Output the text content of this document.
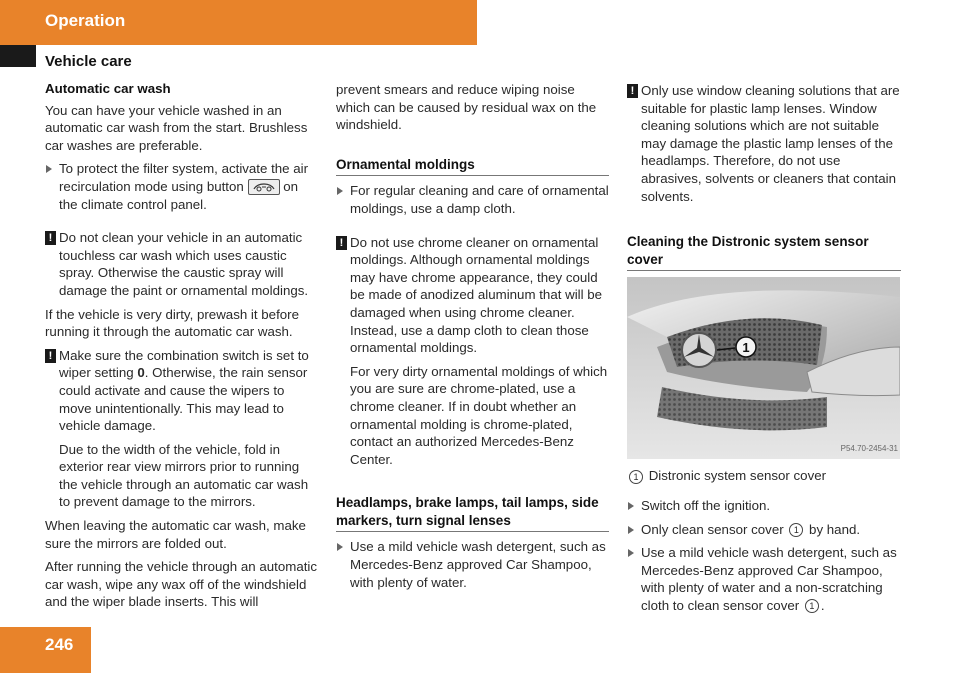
Operation
Vehicle care
Automatic car wash

You can have your vehicle washed in an automatic car wash from the start. Brushless car washes are preferable.

To protect the filter system, activate the air recirculation mode using button	on the climate control panel.
! Do not clean your vehicle in an automatic touchless car wash which uses caustic spray. Otherwise the caustic spray will damage the paint or ornamental moldings.

If the vehicle is very dirty, prewash it before running it through the automatic car wash.

! Make sure the combination switch is set to wiper setting 0. Otherwise, the rain sensor could activate and cause the wipers to move unintentionally. This may lead to vehicle damage.

Due to the width of the vehicle, fold in exterior rear view mirrors prior to running the vehicle through an automatic car wash to prevent damage to the mirrors.

When leaving the automatic car wash, make sure the mirrors are folded out.

After running the vehicle through an automatic car wash, wipe any wax off of the windshield and the wiper blade inserts. This will

prevent smears and reduce wiping noise which can be caused by residual wax on the windshield.

Ornamental moldings
For regular cleaning and care of ornamental moldings, use a damp cloth.
! Do not use chrome cleaner on ornamental moldings. Although ornamental moldings may have chrome appearance, they could be made of anodized aluminum that will be damaged when using chrome cleaner. Instead, use a damp cloth to clean those ornamental moldings.

For very dirty ornamental moldings of which you are sure are chrome-plated, use a chrome cleaner. If in doubt whether an ornamental molding is chrome-plated, contact an authorized Mercedes-Benz Center.

Headlamps, brake lamps, tail lamps, side markers, turn signal lenses
Use a mild vehicle wash detergent, such as Mercedes-Benz approved Car Shampoo, with plenty of water.
! Only use window cleaning solutions that are suitable for plastic lamp lenses. Window cleaning solutions which are not suitable may damage the plastic lamp lenses of the headlamps. Therefore, do not use abrasives, solvents or cleaners that contain solvents.
Cleaning the Distronic system sensor cover
1
P54.70-2454-31

1 Distronic system sensor cover

Switch off the ignition.
Only clean sensor cover 1 by hand.
Use a mild vehicle wash detergent, such as Mercedes-Benz approved Car Shampoo, with plenty of water and a non-scratching cloth to clean sensor cover 1 .
246
